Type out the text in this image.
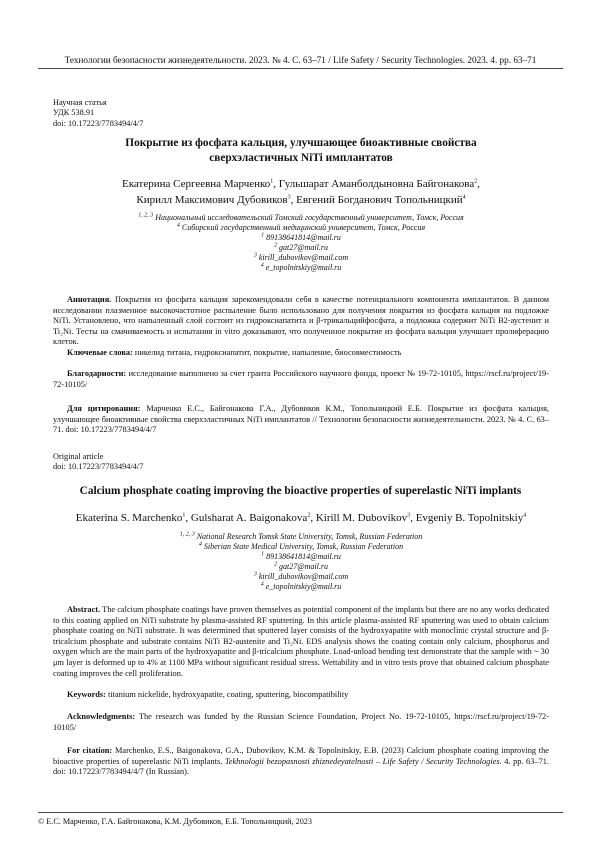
Технологии безопасности жизнедеятельности. 2023. № 4. С. 63–71 / Life Safety / Security Technologies. 2023. 4. pp. 63–71
Научная статья
УДК 538.91
doi: 10.17223/7783494/4/7
Покрытие из фосфата кальция, улучшающее биоактивные свойства
сверхэластичных NiTi имплантатов
Екатерина Сергеевна Марченко$^1$, Гульшарат Аманболдыновна Байгонакова$^2$,
Кирилл Максимович Дубовиков$^3$, Евгений Богданович Топольницкий$^4$
$^{1, 2, 3}$ Национальный исследовательский Томский государственный университет, Томск, Россия
$^4$ Сибирский государственный медицинский университет, Томск, Россия
$^1$ 89138641814@mail.ru
$^2$ gat27@mail.ru
$^3$ kirill_dubovikov@mail.com
$^4$ e_topolnitskiy@mail.ru
Аннотация. Покрытия из фосфата кальция зарекомендовали себя в качестве потенциального компонента имплантатов. В данном исследовании плазменное высокочастотное распыление было использовано для получения покрытия из фосфата кальция на подложке NiTi. Установлено, что напыленный слой состоит из гидроксиапатита и β-трикальцийфосфата, а подложка содержит NiTi B2-аустенит и Ti₂Ni. Тесты на смачиваемость и испытания in vitro доказывают, что полученное покрытие из фосфата кальция улучшает пролиферацию клеток.
Ключевые слова: никелид титана, гидроксиапатит, покрытие, напыление, биосовместимость
Благодарности: исследование выполнено за счет гранта Российского научного фонда, проект № 19-72-10105, https://rscf.ru/project/19-72-10105/
Для цитирования: Марченко Е.С., Байгонакова Г.А., Дубовиков К.М., Топольницкий Е.Б. Покрытие из фосфата кальция, улучшающее биоактивные свойства сверхэластичных NiTi имплантатов // Технологии безопасности жизнедеятельности. 2023. № 4. С. 63–71. doi: 10.17223/7783494/4/7
Original article
doi: 10.17223/7783494/4/7
Calcium phosphate coating improving the bioactive properties of superelastic NiTi implants
Ekaterina S. Marchenko$^1$, Gulsharat A. Baigonakova$^2$, Kirill M. Dubovikov$^3$, Evgeniy B. Topolnitskiy$^4$
$^{1, 2, 3}$ National Research Tomsk State University, Tomsk, Russian Federation
$^4$ Siberian State Medical University, Tomsk, Russian Federation
$^1$ 89138641814@mail.ru
$^2$ gat27@mail.ru
$^3$ kirill_dubovikov@mail.com
$^4$ e_topolnitskiy@mail.ru
Abstract. The calcium phosphate coatings have proven themselves as potential component of the implants but there are no any works dedicated to this coating applied on NiTi substrate by plasma-assisted RF sputtering. In this article plasma-assisted RF sputtering was used to obtain calcium phosphate coating on NiTi substrate. It was determined that sputtered layer consists of the hydroxyapatite with monoclinic crystal structure and β-tricalcium phosphate and substrate contains NiTi B2-austenite and Ti₂Ni. EDS analysis shows the coating contain only calcium, phosphorus and oxygen which are the main parts of the hydroxyapatite and β-tricalcium phosphate. Load-unload bending test demonstrate that the sample with ~ 30 μm layer is deformed up to 4% at 1100 MPa without significant residual stress. Wettability and in vitro tests prove that obtained calcium phosphate coating improves the cell proliferation.
Keywords: titanium nickelide, hydroxyapatite, coating, sputtering, biocompatibility
Acknowledgments: The research was funded by the Russian Science Foundation, Project No. 19-72-10105, https://rscf.ru/project/19-72-10105/
For citation: Marchenko, E.S., Baigonakova, G.A., Dubovikov, K.M. & Topolnitskiy, E.B. (2023) Calcium phosphate coating improving the bioactive properties of superelastic NiTi implants. Tekhnologii bezopasnosti zhiznedeyatelnosti – Life Safety / Security Technologies. 4. pp. 63–71. doi: 10.17223/7783494/4/7 (In Russian).
© Е.С. Марченко, Г.А. Байгонакова, К.М. Дубовиков, Е.Б. Топольницкий, 2023
